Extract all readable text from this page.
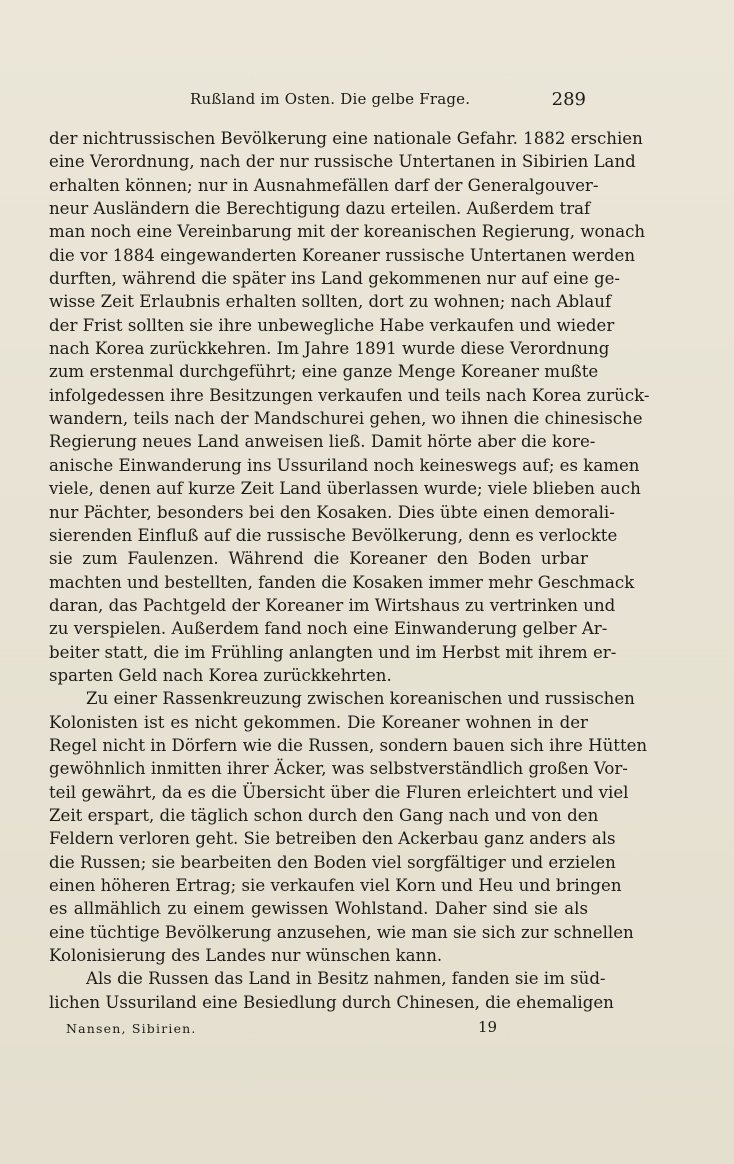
Rußland im Osten. Die gelbe Frage.	289
der nichtrussischen Bevölkerung eine nationale Gefahr. 1882 erschien
eine Verordnung, nach der nur russische Untertanen in Sibirien Land
erhalten können; nur in Ausnahmefällen darf der Generalgouver-
neur Ausländern die Berechtigung dazu erteilen. Außerdem traf
man noch eine Vereinbarung mit der koreanischen Regierung, wonach
die vor 1884 eingewanderten Koreaner russische Untertanen werden
durften, während die später ins Land gekommenen nur auf eine ge-
wisse Zeit Erlaubnis erhalten sollten, dort zu wohnen; nach Ablauf
der Frist sollten sie ihre unbewegliche Habe verkaufen und wieder
nach Korea zurückkehren. Im Jahre 1891 wurde diese Verordnung
zum erstenmal durchgeführt; eine ganze Menge Koreaner mußte
infolgedessen ihre Besitzungen verkaufen und teils nach Korea zurück-
wandern, teils nach der Mandschurei gehen, wo ihnen die chinesische
Regierung neues Land anweisen ließ. Damit hörte aber die kore-
anische Einwanderung ins Ussuriland noch keineswegs auf; es kamen
viele, denen auf kurze Zeit Land überlassen wurde; viele blieben auch
nur Pächter, besonders bei den Kosaken. Dies übte einen demorali-
sierenden Einfluß auf die russische Bevölkerung, denn es verlockte
sie zum Faulenzen. Während die Koreaner den Boden urbar
machten und bestellten, fanden die Kosaken immer mehr Geschmack
daran, das Pachtgeld der Koreaner im Wirtshaus zu vertrinken und
zu verspielen. Außerdem fand noch eine Einwanderung gelber Ar-
beiter statt, die im Frühling anlangten und im Herbst mit ihrem er-
sparten Geld nach Korea zurückkehrten.
Zu einer Rassenkreuzung zwischen koreanischen und russischen
Kolonisten ist es nicht gekommen. Die Koreaner wohnen in der
Regel nicht in Dörfern wie die Russen, sondern bauen sich ihre Hütten
gewöhnlich inmitten ihrer Äcker, was selbstverständlich großen Vor-
teil gewährt, da es die Übersicht über die Fluren erleichtert und viel
Zeit erspart, die täglich schon durch den Gang nach und von den
Feldern verloren geht. Sie betreiben den Ackerbau ganz anders als
die Russen; sie bearbeiten den Boden viel sorgfältiger und erzielen
einen höheren Ertrag; sie verkaufen viel Korn und Heu und bringen
es allmählich zu einem gewissen Wohlstand. Daher sind sie als
eine tüchtige Bevölkerung anzusehen, wie man sie sich zur schnellen
Kolonisierung des Landes nur wünschen kann.
Als die Russen das Land in Besitz nahmen, fanden sie im süd-
lichen Ussuriland eine Besiedlung durch Chinesen, die ehemaligen
Nansen, Sibirien.	19
